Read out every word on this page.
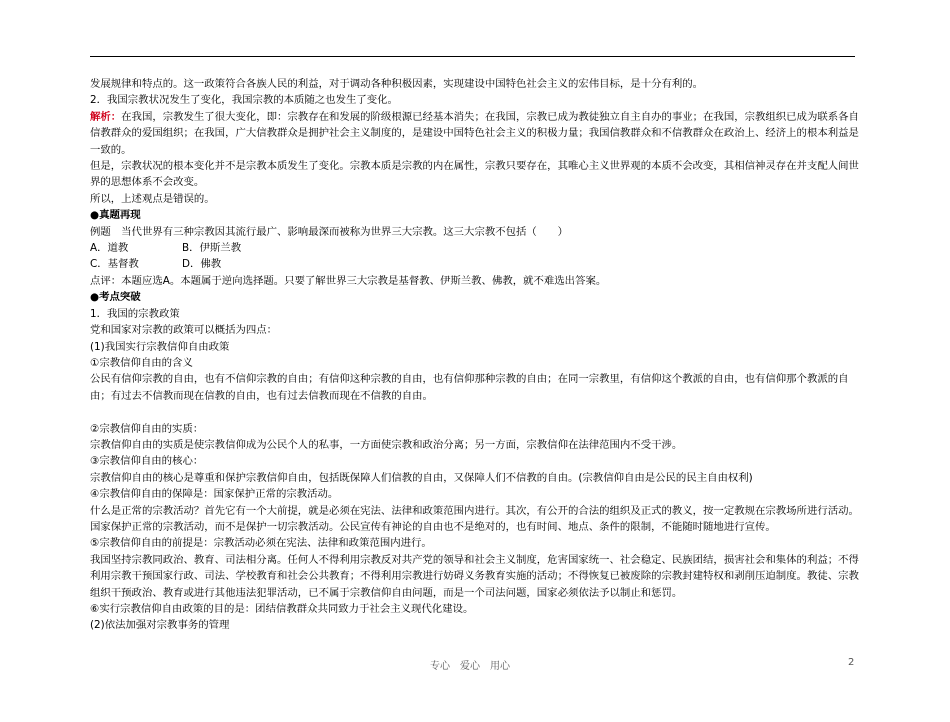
发展规律和特点的。这一政策符合各族人民的利益，对于调动各种积极因素，实现建设中国特色社会主义的宏伟目标，是十分有利的。

2．我国宗教状况发生了变化，我国宗教的本质随之也发生了变化。

解析：在我国，宗教发生了很大变化，即：宗教存在和发展的阶级根源已经基本消失；在我国，宗教已成为教徒独立自主自办的事业；在我国，宗教组织已成为联系各自信教群众的爱国组织；在我国，广大信教群众是拥护社会主义制度的，是建设中国特色社会主义的积极力量；我国信教群众和不信教群众在政治上、经济上的根本利益是一致的。

但是，宗教状况的根本变化并不是宗教本质发生了变化。宗教本质是宗教的内在属性，宗教只要存在，其唯心主义世界观的本质不会改变，其相信神灵存在并支配人间世界的思想体系不会改变。

所以，上述观点是错误的。

●真题再现

例题　当代世界有三种宗教因其流行最广、影响最深而被称为世界三大宗教。这三大宗教不包括（　　）

A．道教	B．伊斯兰教

C．基督教	D．佛教

点评：本题应选A。本题属于逆向选择题。只要了解世界三大宗教是基督教、伊斯兰教、佛教，就不难选出答案。

●考点突破

1．我国的宗教政策

党和国家对宗教的政策可以概括为四点：

(1)我国实行宗教信仰自由政策

①宗教信仰自由的含义

公民有信仰宗教的自由，也有不信仰宗教的自由；有信仰这种宗教的自由，也有信仰那种宗教的自由；在同一宗教里，有信仰这个教派的自由，也有信仰那个教派的自由；有过去不信教而现在信教的自由，也有过去信教而现在不信教的自由。

②宗教信仰自由的实质：

宗教信仰自由的实质是使宗教信仰成为公民个人的私事，一方面使宗教和政治分离；另一方面，宗教信仰在法律范围内不受干涉。

③宗教信仰自由的核心：

宗教信仰自由的核心是尊重和保护宗教信仰自由，包括既保障人们信教的自由，又保障人们不信教的自由。(宗教信仰自由是公民的民主自由权利)

④宗教信仰自由的保障是：国家保护正常的宗教活动。

什么是正常的宗教活动？首先它有一个大前提，就是必须在宪法、法律和政策范围内进行。其次，有公开的合法的组织及正式的教义，按一定教规在宗教场所进行活动。国家保护正常的宗教活动，而不是保护一切宗教活动。公民宣传有神论的自由也不是绝对的，也有时间、地点、条件的限制，不能随时随地进行宣传。

⑤宗教信仰自由的前提是：宗教活动必须在宪法、法律和政策范围内进行。

我国坚持宗教同政治、教育、司法相分离。任何人不得利用宗教反对共产党的领导和社会主义制度，危害国家统一、社会稳定、民族团结，损害社会和集体的利益；不得利用宗教干预国家行政、司法、学校教育和社会公共教育；不得利用宗教进行妨碍义务教育实施的活动；不得恢复已被废除的宗教封建特权和剥削压迫制度。教徒、宗教组织干预政治、教育或进行其他违法犯罪活动，已不属于宗教信仰自由问题，而是一个司法问题，国家必须依法予以制止和惩罚。

⑥实行宗教信仰自由政策的目的是：团结信教群众共同致力于社会主义现代化建设。

(2)依法加强对宗教事务的管理

专心　爱心　用心	2
